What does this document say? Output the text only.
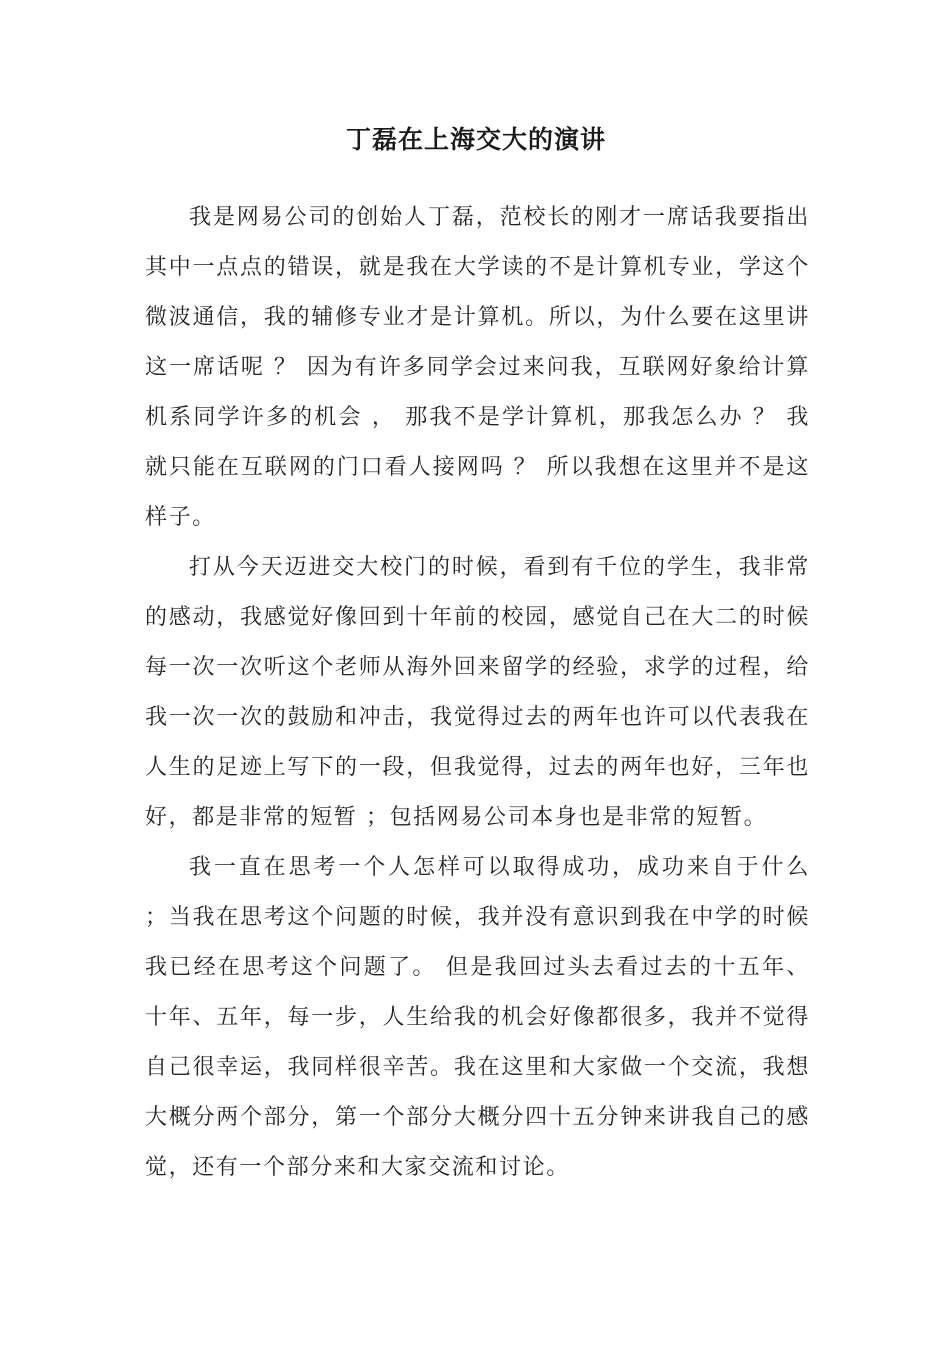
丁磊在上海交大的演讲

我是网易公司的创始人丁磊，范校长的刚才一席话我要指出其中一点点的错误，就是我在大学读的不是计算机专业，学这个微波通信，我的辅修专业才是计算机。所以，为什么要在这里讲这一席话呢 ？ 因为有许多同学会过来问我，互联网好象给计算机系同学许多的机会 ， 那我不是学计算机，那我怎么办 ？ 我就只能在互联网的门口看人接网吗 ？ 所以我想在这里并不是这样子。

打从今天迈进交大校门的时候，看到有千位的学生，我非常的感动，我感觉好像回到十年前的校园，感觉自己在大二的时候每一次一次听这个老师从海外回来留学的经验，求学的过程，给我一次一次的鼓励和冲击，我觉得过去的两年也许可以代表我在人生的足迹上写下的一段，但我觉得，过去的两年也好，三年也好，都是非常的短暂 ；包括网易公司本身也是非常的短暂。

我一直在思考一个人怎样可以取得成功，成功来自于什么 ；当我在思考这个问题的时候，我并没有意识到我在中学的时候我已经在思考这个问题了。 但是我回过头去看过去的十五年、十年、五年，每一步，人生给我的机会好像都很多，我并不觉得自己很幸运，我同样很辛苦。我在这里和大家做一个交流，我想大概分两个部分，第一个部分大概分四十五分钟来讲我自己的感觉，还有一个部分来和大家交流和讨论。
